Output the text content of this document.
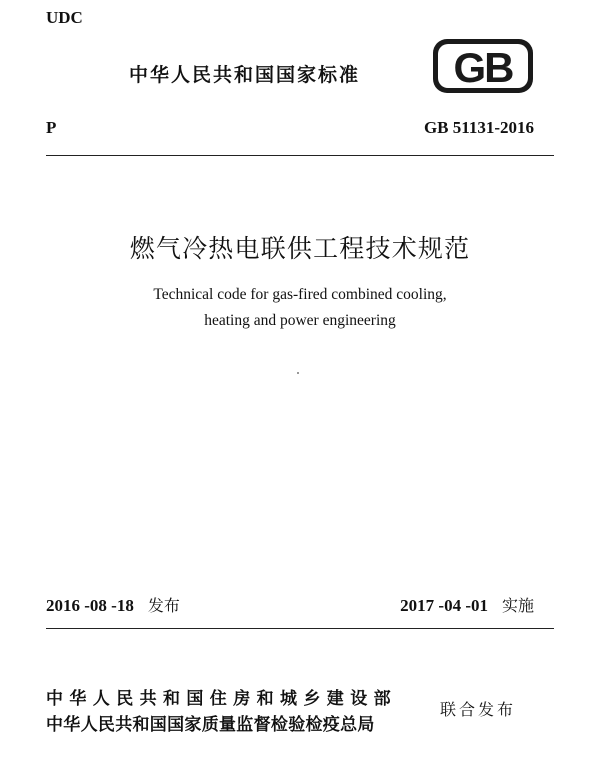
UDC
中华人民共和国国家标准 GB
P	GB 51131-2016
燃气冷热电联供工程技术规范
Technical code for gas-fired combined cooling,
heating and power engineering
2016 -08 -18 发布	2017 -04 -01 实施
中华人民共和国住房和城乡建设部
中华人民共和国国家质量监督检验检疫总局
联合发布
